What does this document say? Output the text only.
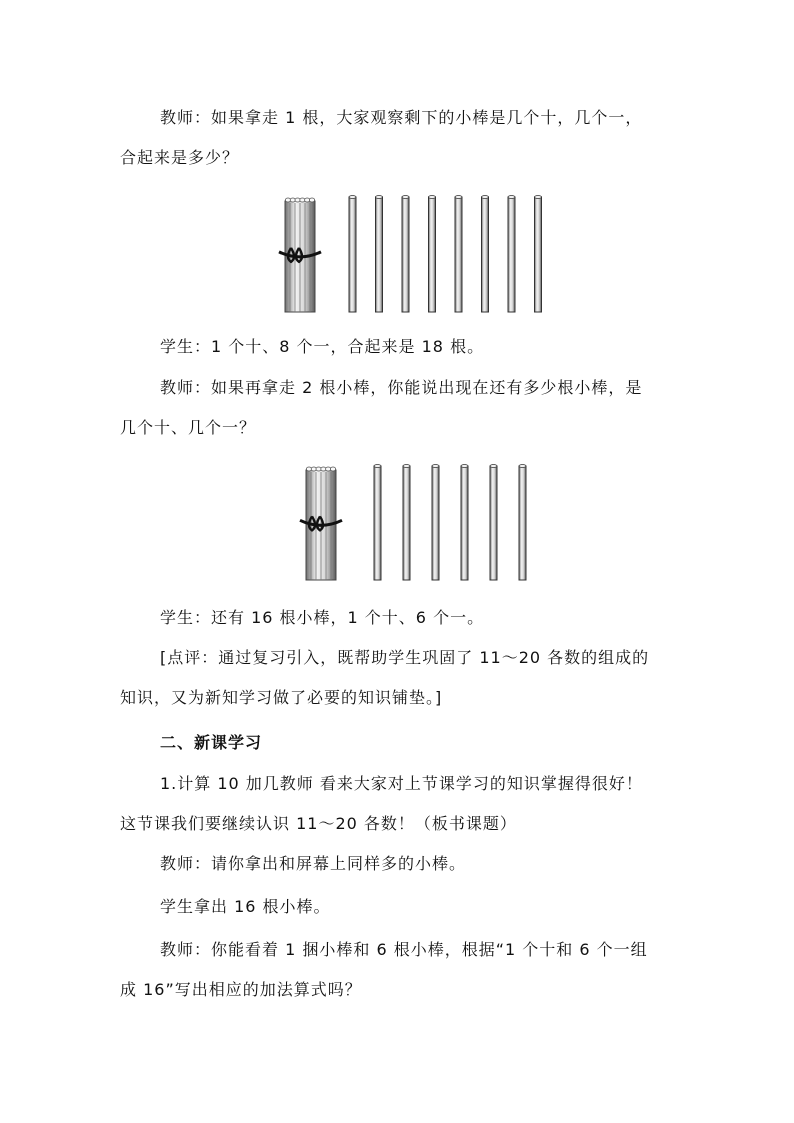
教师：如果拿走 1 根，大家观察剩下的小棒是几个十，几个一，
合起来是多少？
学生：1 个十、8 个一，合起来是 18 根。
教师：如果再拿走 2 根小棒，你能说出现在还有多少根小棒，是
几个十、几个一？
学生：还有 16 根小棒，1 个十、6 个一。
[点评：通过复习引入，既帮助学生巩固了 11～20 各数的组成的
知识，又为新知学习做了必要的知识铺垫。]
二、新课学习
1.计算 10 加几教师 看来大家对上节课学习的知识掌握得很好！
这节课我们要继续认识 11～20 各数！（板书课题）
教师：请你拿出和屏幕上同样多的小棒。
学生拿出 16 根小棒。
教师：你能看着 1 捆小棒和 6 根小棒，根据“1 个十和 6 个一组
成 16”写出相应的加法算式吗？
